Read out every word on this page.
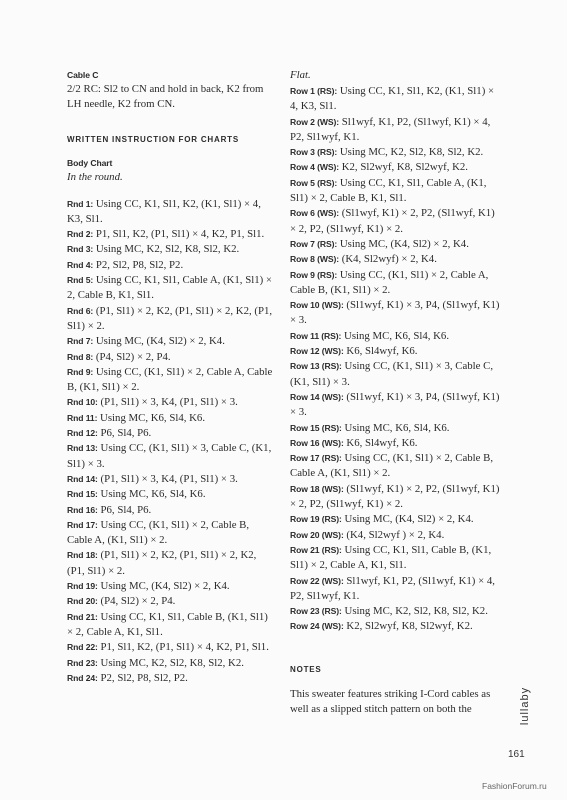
Cable C

2/2 RC: Sl2 to CN and hold in back, K2 from LH needle, K2 from CN.

WRITTEN INSTRUCTION FOR CHARTS
Body Chart
In the round.

Rnd 1: Using CC, K1, Sl1, K2, (K1, Sl1) × 4, K3, Sl1.

Rnd 2: P1, Sl1, K2, (P1, Sl1) × 4, K2, P1, Sl1.

Rnd 3: Using MC, K2, Sl2, K8, Sl2, K2.

Rnd 4: P2, Sl2, P8, Sl2, P2.

Rnd 5: Using CC, K1, Sl1, Cable A, (K1, Sl1) × 2, Cable B, K1, Sl1.

Rnd 6: (P1, Sl1) × 2, K2, (P1, Sl1) × 2, K2, (P1, Sl1) × 2.

Rnd 7: Using MC, (K4, Sl2) × 2, K4.

Rnd 8: (P4, Sl2) × 2, P4.

Rnd 9: Using CC, (K1, Sl1) × 2, Cable A, Cable B, (K1, Sl1) × 2.

Rnd 10: (P1, Sl1) × 3, K4, (P1, Sl1) × 3.

Rnd 11: Using MC, K6, Sl4, K6.

Rnd 12: P6, Sl4, P6.

Rnd 13: Using CC, (K1, Sl1) × 3, Cable C, (K1, Sl1) × 3.

Rnd 14: (P1, Sl1) × 3, K4, (P1, Sl1) × 3.

Rnd 15: Using MC, K6, Sl4, K6.

Rnd 16: P6, Sl4, P6.

Rnd 17: Using CC, (K1, Sl1) × 2, Cable B, Cable A, (K1, Sl1) × 2.

Rnd 18: (P1, Sl1) × 2, K2, (P1, Sl1) × 2, K2, (P1, Sl1) × 2.

Rnd 19: Using MC, (K4, Sl2) × 2, K4.

Rnd 20: (P4, Sl2) × 2, P4.

Rnd 21: Using CC, K1, Sl1, Cable B, (K1, Sl1) × 2, Cable A, K1, Sl1.

Rnd 22: P1, Sl1, K2, (P1, Sl1) × 4, K2, P1, Sl1.

Rnd 23: Using MC, K2, Sl2, K8, Sl2, K2.

Rnd 24: P2, Sl2, P8, Sl2, P2.

Flat.

Row 1 (RS): Using CC, K1, Sl1, K2, (K1, Sl1) × 4, K3, Sl1.

Row 2 (WS): Sl1wyf, K1, P2, (Sl1wyf, K1) × 4, P2, Sl1wyf, K1.

Row 3 (RS): Using MC, K2, Sl2, K8, Sl2, K2.

Row 4 (WS): K2, Sl2wyf, K8, Sl2wyf, K2.

Row 5 (RS): Using CC, K1, Sl1, Cable A, (K1, Sl1) × 2, Cable B, K1, Sl1.

Row 6 (WS): (Sl1wyf, K1) × 2, P2, (Sl1wyf, K1) × 2, P2, (Sl1wyf, K1) × 2.

Row 7 (RS): Using MC, (K4, Sl2) × 2, K4.

Row 8 (WS): (K4, Sl2wyf) × 2, K4.

Row 9 (RS): Using CC, (K1, Sl1) × 2, Cable A, Cable B, (K1, Sl1) × 2.

Row 10 (WS): (Sl1wyf, K1) × 3, P4, (Sl1wyf, K1) × 3.

Row 11 (RS): Using MC, K6, Sl4, K6.

Row 12 (WS): K6, Sl4wyf, K6.

Row 13 (RS): Using CC, (K1, Sl1) × 3, Cable C, (K1, Sl1) × 3.

Row 14 (WS): (Sl1wyf, K1) × 3, P4, (Sl1wyf, K1) × 3.

Row 15 (RS): Using MC, K6, Sl4, K6.

Row 16 (WS): K6, Sl4wyf, K6.

Row 17 (RS): Using CC, (K1, Sl1) × 2, Cable B, Cable A, (K1, Sl1) × 2.

Row 18 (WS): (Sl1wyf, K1) × 2, P2, (Sl1wyf, K1) × 2, P2, (Sl1wyf, K1) × 2.

Row 19 (RS): Using MC, (K4, Sl2) × 2, K4.

Row 20 (WS): (K4, Sl2wyf ) × 2, K4.

Row 21 (RS): Using CC, K1, Sl1, Cable B, (K1, Sl1) × 2, Cable A, K1, Sl1.

Row 22 (WS): Sl1wyf, K1, P2, (Sl1wyf, K1) × 4, P2, Sl1wyf, K1.

Row 23 (RS): Using MC, K2, Sl2, K8, Sl2, K2.

Row 24 (WS): K2, Sl2wyf, K8, Sl2wyf, K2.

NOTES

This sweater features striking I-Cord cables as well as a slipped stitch pattern on both the	lullaby
161
FashionForum.ru
